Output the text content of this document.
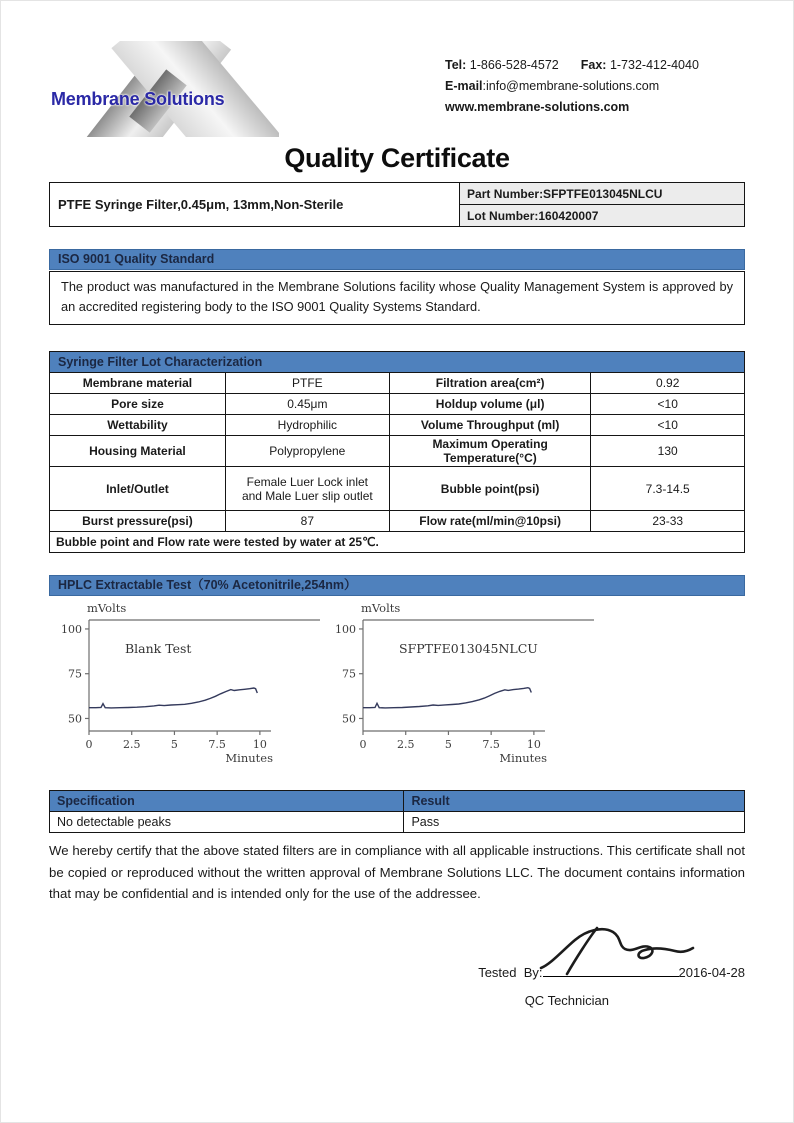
Membrane Solutions
Tel: 1-866-528-4572 Fax: 1-732-412-4040
E-mail:info@membrane-solutions.com
www.membrane-solutions.com
Quality Certificate
PTFE Syringe Filter,0.45μm, 13mm,Non-Sterile	Part Number:SFPTFE013045NLCU
Lot Number:160420007
ISO 9001 Quality Standard
The product was manufactured in the Membrane Solutions facility whose Quality Management System is approved by an accredited registering body to the ISO 9001 Quality Systems Standard.
Syringe Filter Lot Characterization			
Membrane material	PTFE	Filtration area(cm²)	0.92
Pore size	0.45μm	Holdup volume (μl)	<10
Wettability	Hydrophilic	Volume Throughput (ml)	<10
Housing Material	Polypropylene	Maximum Operating Temperature(°C)	130
Inlet/Outlet	Female Luer Lock inlet and Male Luer slip outlet	Bubble point(psi)	7.3-14.5
Burst pressure(psi)	87	Flow rate(ml/min@10psi)	23-33
Bubble point and Flow rate were tested by water at 25℃.			
HPLC Extractable Test（70% Acetonitrile,254nm）
100
75
50
0	2.5	5	7.5 10
mVolts
Minutes
Blank Test
100
75
50
0	2.5	5	7.5 10
mVolts
Minutes
SFPTFE013045NLCU
Specification	Result
No detectable peaks	Pass

We hereby certify that the above stated filters are in compliance with all applicable instructions. This certificate shall not be copied or reproduced without the written approval of Membrane Solutions LLC. The document contains information that may be confidential and is intended only for the use of the addressee.

Tested  By:	2016-04-28
QC Technician
